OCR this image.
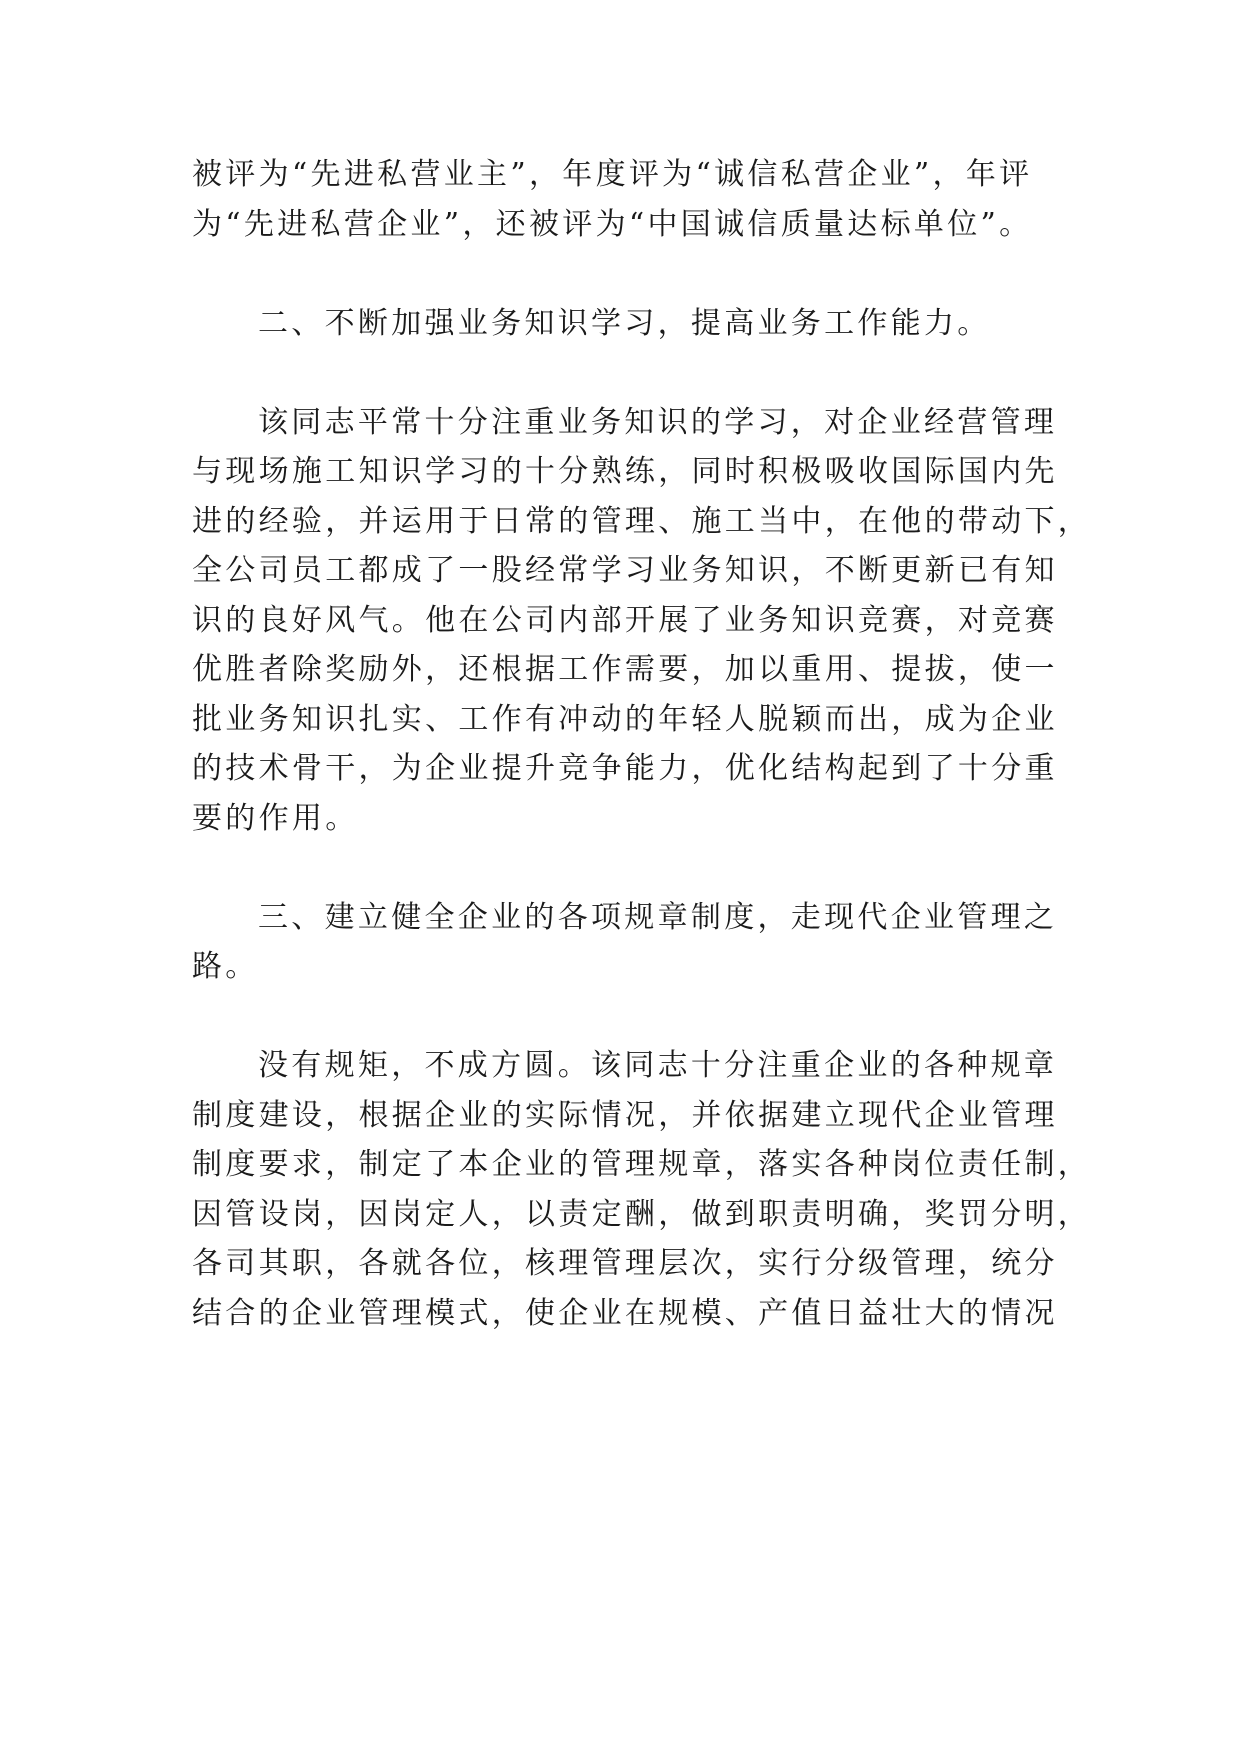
被评为“先进私营业主”，年度评为“诚信私营企业”，年评
为“先进私营企业”，还被评为“中国诚信质量达标单位”。
二、不断加强业务知识学习，提高业务工作能力。
该同志平常十分注重业务知识的学习，对企业经营管理
与现场施工知识学习的十分熟练，同时积极吸收国际国内先
进的经验，并运用于日常的管理、施工当中，在他的带动下，
全公司员工都成了一股经常学习业务知识，不断更新已有知
识的良好风气。他在公司内部开展了业务知识竞赛，对竞赛
优胜者除奖励外，还根据工作需要，加以重用、提拔，使一
批业务知识扎实、工作有冲动的年轻人脱颖而出，成为企业
的技术骨干，为企业提升竞争能力，优化结构起到了十分重
要的作用。
三、建立健全企业的各项规章制度，走现代企业管理之
路。
没有规矩，不成方圆。该同志十分注重企业的各种规章
制度建设，根据企业的实际情况，并依据建立现代企业管理
制度要求，制定了本企业的管理规章，落实各种岗位责任制，
因管设岗，因岗定人，以责定酬，做到职责明确，奖罚分明，
各司其职，各就各位，核理管理层次，实行分级管理，统分
结合的企业管理模式，使企业在规模、产值日益壮大的情况
